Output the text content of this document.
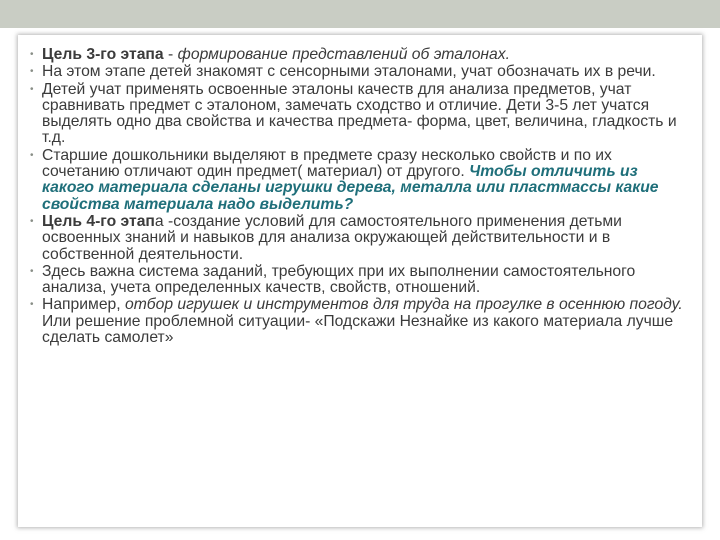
• Цель 3-го этапа - формирование представлений об эталонах.
• На этом этапе детей знакомят с сенсорными эталонами, учат обозначать их в речи.
• Детей учат применять освоенные эталоны качеств для анализа предметов, учат сравнивать предмет с эталоном, замечать сходство и отличие. Дети 3-5 лет учатся выделять одно два свойства и качества предмета- форма, цвет, величина, гладкость и т.д.
• Старшие дошкольники выделяют в предмете сразу несколько свойств и по их сочетанию отличают один предмет( материал) от другого. Чтобы отличить из какого материала сделаны игрушки дерева, металла или пластмассы какие свойства материала надо выделить?
• Цель 4-го этапа -создание условий для самостоятельного применения детьми освоенных знаний и навыков для анализа окружающей действительности и в собственной деятельности.
• Здесь важна система заданий, требующих при их выполнении самостоятельного анализа, учета определенных качеств, свойств, отношений.
• Например, отбор игрушек и инструментов для труда на прогулке в осеннюю погоду. Или решение проблемной ситуации- «Подскажи Незнайке из какого материала лучше сделать самолет»
